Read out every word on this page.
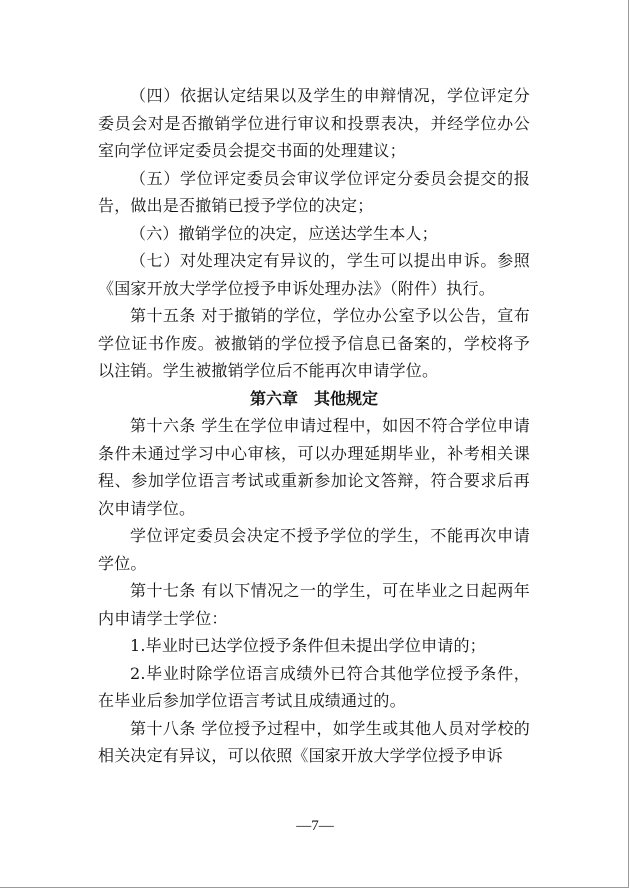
（四）依据认定结果以及学生的申辩情况，学位评定分委员会对是否撤销学位进行审议和投票表决，并经学位办公室向学位评定委员会提交书面的处理建议；

（五）学位评定委员会审议学位评定分委员会提交的报告，做出是否撤销已授予学位的决定；

（六）撤销学位的决定，应送达学生本人；

（七）对处理决定有异议的，学生可以提出申诉。参照《国家开放大学学位授予申诉处理办法》（附件）执行。

第十五条 对于撤销的学位，学位办公室予以公告，宣布学位证书作废。被撤销的学位授予信息已备案的，学校将予以注销。学生被撤销学位后不能再次申请学位。

第六章　其他规定

第十六条 学生在学位申请过程中，如因不符合学位申请条件未通过学习中心审核，可以办理延期毕业，补考相关课程、参加学位语言考试或重新参加论文答辩，符合要求后再次申请学位。

学位评定委员会决定不授予学位的学生，不能再次申请学位。

第十七条 有以下情况之一的学生，可在毕业之日起两年内申请学士学位：

1.毕业时已达学位授予条件但未提出学位申请的；

2.毕业时除学位语言成绩外已符合其他学位授予条件，在毕业后参加学位语言考试且成绩通过的。

第十八条 学位授予过程中，如学生或其他人员对学校的相关决定有异议，可以依照《国家开放大学学位授予申诉

—7—
